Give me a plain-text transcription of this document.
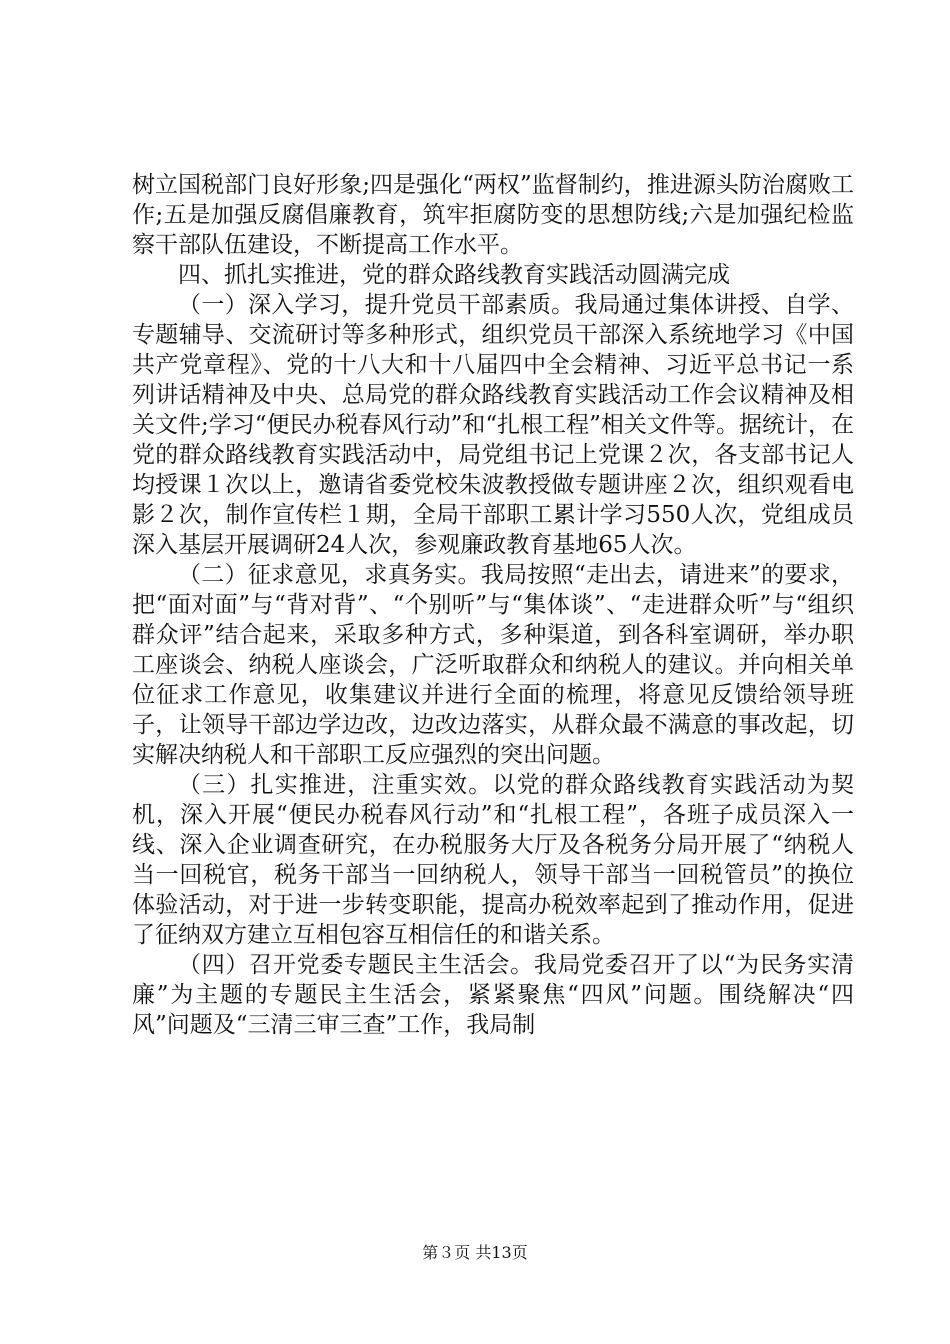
树立国税部门良好形象;四是强化“两权”监督制约，推进源头防治腐败工作;五是加强反腐倡廉教育，筑牢拒腐防变的思想防线;六是加强纪检监察干部队伍建设，不断提高工作水平。

四、抓扎实推进，党的群众路线教育实践活动圆满完成

（一）深入学习，提升党员干部素质。我局通过集体讲授、自学、专题辅导、交流研讨等多种形式，组织党员干部深入系统地学习《中国共产党章程》、党的十八大和十八届四中全会精神、习近平总书记一系列讲话精神及中央、总局党的群众路线教育实践活动工作会议精神及相关文件;学习“便民办税春风行动”和“扎根工程”相关文件等。据统计，在党的群众路线教育实践活动中，局党组书记上党课２次，各支部书记人均授课１次以上，邀请省委党校朱波教授做专题讲座２次，组织观看电影２次，制作宣传栏１期，全局干部职工累计学习550人次，党组成员深入基层开展调研24人次，参观廉政教育基地65人次。

（二）征求意见，求真务实。我局按照“走出去，请进来”的要求，把“面对面”与“背对背”、“个别听”与“集体谈”、“走进群众听”与“组织群众评”结合起来，采取多种方式，多种渠道，到各科室调研，举办职工座谈会、纳税人座谈会，广泛听取群众和纳税人的建议。并向相关单位征求工作意见，收集建议并进行全面的梳理，将意见反馈给领导班子，让领导干部边学边改，边改边落实，从群众最不满意的事改起，切实解决纳税人和干部职工反应强烈的突出问题。

（三）扎实推进，注重实效。以党的群众路线教育实践活动为契机，深入开展“便民办税春风行动”和“扎根工程”，各班子成员深入一线、深入企业调查研究，在办税服务大厅及各税务分局开展了“纳税人当一回税官，税务干部当一回纳税人，领导干部当一回税管员”的换位体验活动，对于进一步转变职能，提高办税效率起到了推动作用，促进了征纳双方建立互相包容互相信任的和谐关系。

（四）召开党委专题民主生活会。我局党委召开了以“为民务实清廉”为主题的专题民主生活会，紧紧聚焦“四风”问题。围绕解决“四风”问题及“三清三审三查”工作，我局制

第３页 共13页
